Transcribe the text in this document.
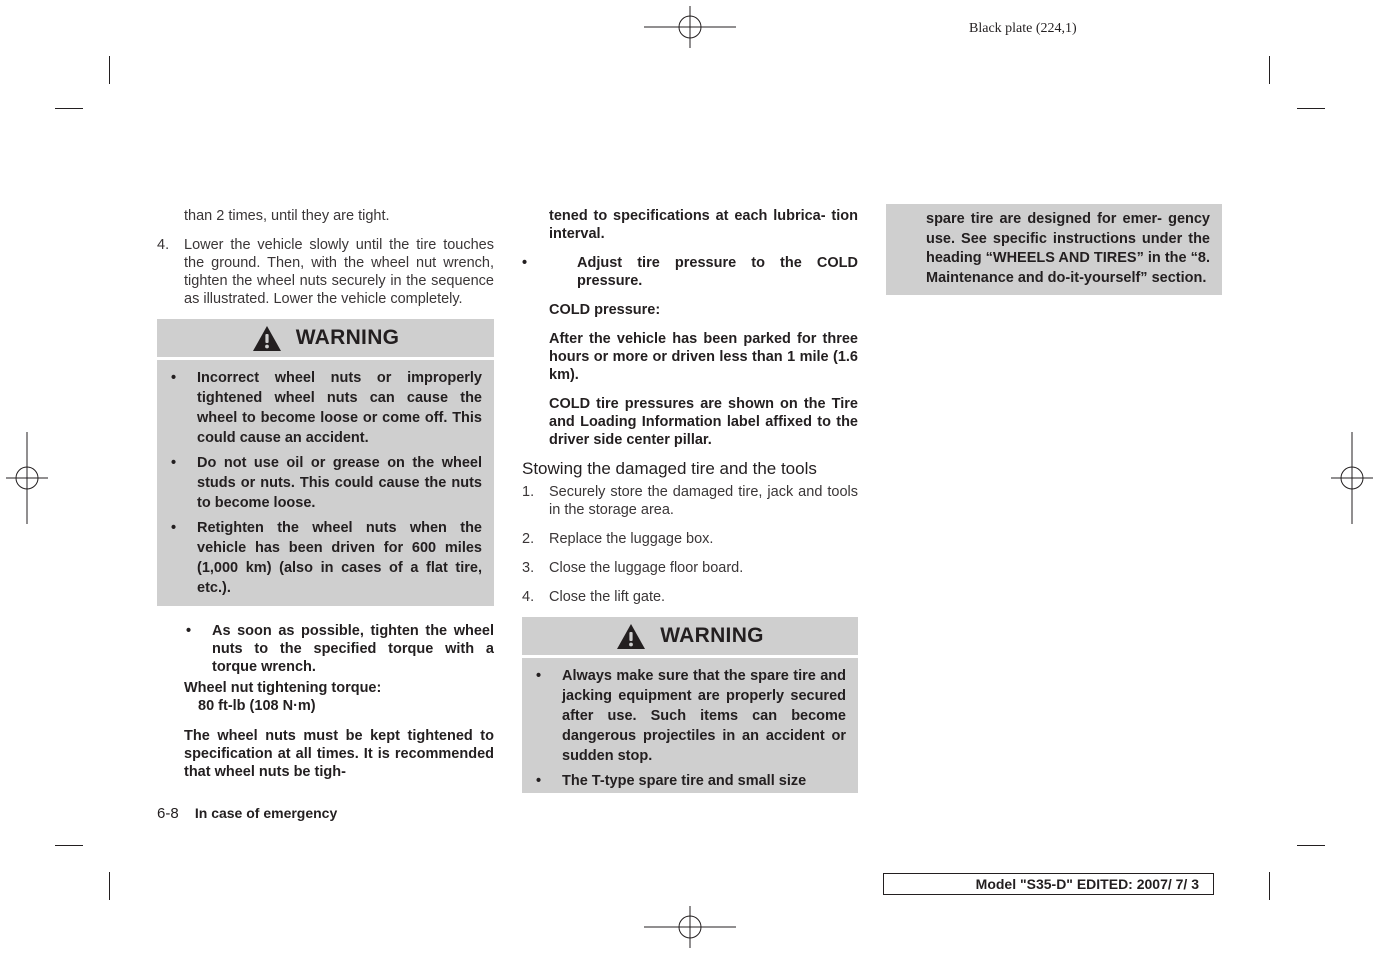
Black plate (224,1)
than 2 times, until they are tight.
4.	Lower the vehicle slowly until the tire touches the ground. Then, with the wheel nut wrench, tighten the wheel nuts securely in the sequence as illustrated. Lower the vehicle completely.
WARNING
•	Incorrect wheel nuts or improperly tightened wheel nuts can cause the wheel to become loose or come off. This could cause an accident.
•	Do not use oil or grease on the wheel studs or nuts. This could cause the nuts to become loose.
•	Retighten the wheel nuts when the vehicle has been driven for 600 miles (1,000 km) (also in cases of a flat tire, etc.).
•	As soon as possible, tighten the wheel nuts to the specified torque with a torque wrench.
Wheel nut tightening torque:
80 ft-lb (108 N·m)
The wheel nuts must be kept tightened to specification at all times. It is recommended that wheel nuts be tigh-
tened to specifications at each lubrica- tion interval.
•	Adjust tire pressure to the COLD pressure.
COLD pressure:
After the vehicle has been parked for three hours or more or driven less than 1 mile (1.6 km).
COLD tire pressures are shown on the Tire and Loading Information label affixed to the driver side center pillar.
Stowing the damaged tire and the tools
1.	Securely store the damaged tire, jack and tools in the storage area.
2.	Replace the luggage box.
3.	Close the luggage floor board.
4.	Close the lift gate.
WARNING
•	Always make sure that the spare tire and jacking equipment are properly secured after use. Such items can become dangerous projectiles in an accident or sudden stop.
•	The T-type spare tire and small size
spare tire are designed for emer- gency use. See specific instructions under the heading “WHEELS AND TIRES” in the “8. Maintenance and do-it-yourself” section.
6-8 In case of emergency
Model "S35-D" EDITED: 2007/ 7/ 3
